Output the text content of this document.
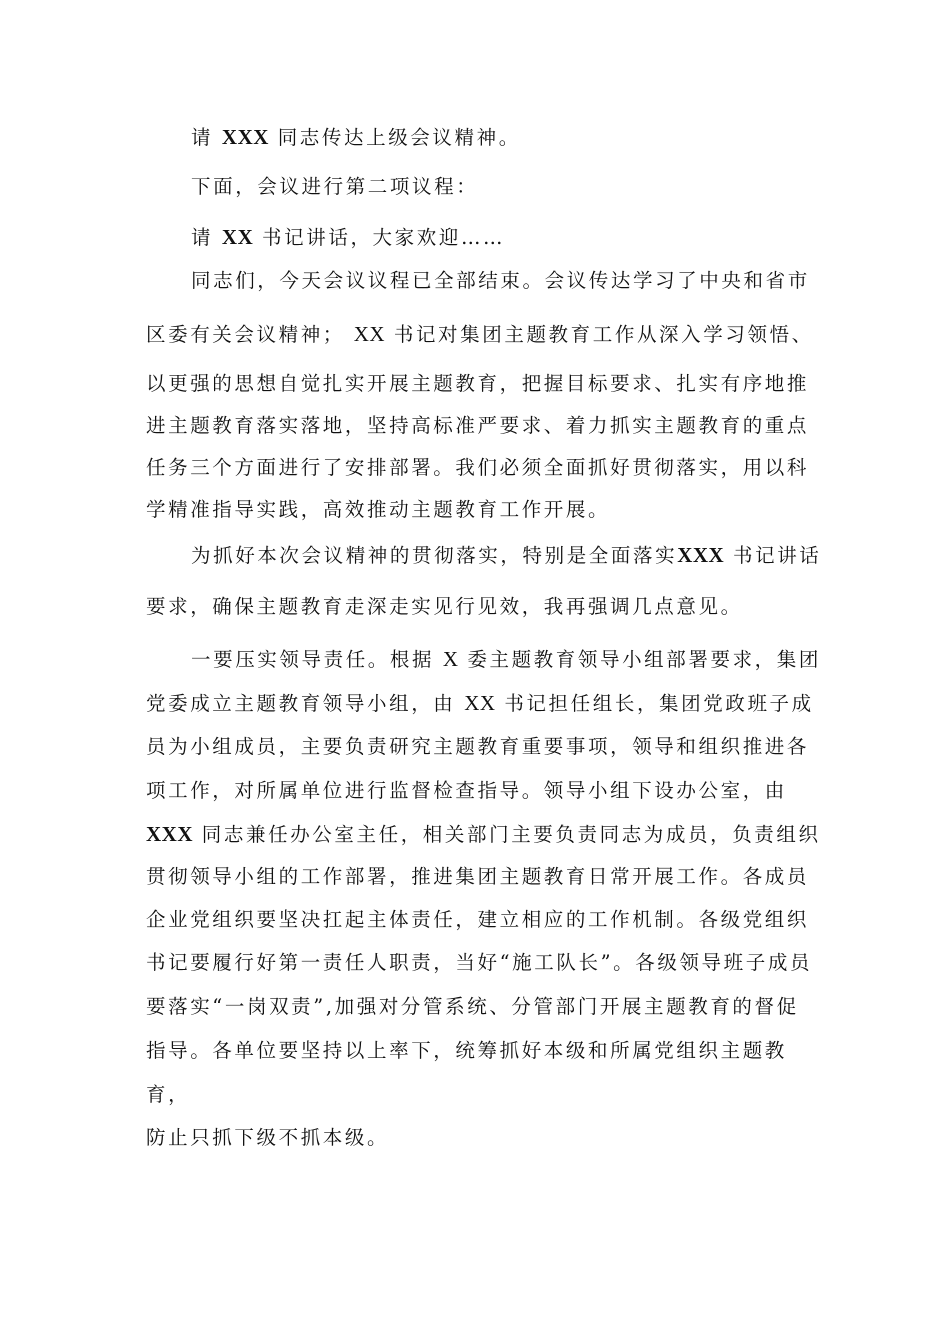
请 XXX 同志传达上级会议精神。
下面，会议进行第二项议程：
请 XX 书记讲话，大家欢迎……
同志们，今天会议议程已全部结束。会议传达学习了中央和省市
区委有关会议精神； XX 书记对集团主题教育工作从深入学习领悟、
以更强的思想自觉扎实开展主题教育，把握目标要求、扎实有序地推
进主题教育落实落地，坚持高标准严要求、着力抓实主题教育的重点
任务三个方面进行了安排部署。我们必须全面抓好贯彻落实，用以科
学精准指导实践，高效推动主题教育工作开展。
为抓好本次会议精神的贯彻落实，特别是全面落实XXX 书记讲话
要求，确保主题教育走深走实见行见效，我再强调几点意见。
一要压实领导责任。根据 X 委主题教育领导小组部署要求，集团
党委成立主题教育领导小组，由 XX 书记担任组长，集团党政班子成
员为小组成员，主要负责研究主题教育重要事项，领导和组织推进各
项工作，对所属单位进行监督检查指导。领导小组下设办公室，由
XXX 同志兼任办公室主任，相关部门主要负责同志为成员，负责组织
贯彻领导小组的工作部署，推进集团主题教育日常开展工作。各成员
企业党组织要坚决扛起主体责任，建立相应的工作机制。各级党组织
书记要履行好第一责任人职责，当好“施工队长”。各级领导班子成员
要落实“一岗双责”,加强对分管系统、分管部门开展主题教育的督促
指导。各单位要坚持以上率下，统筹抓好本级和所属党组织主题教
育，
防止只抓下级不抓本级。
